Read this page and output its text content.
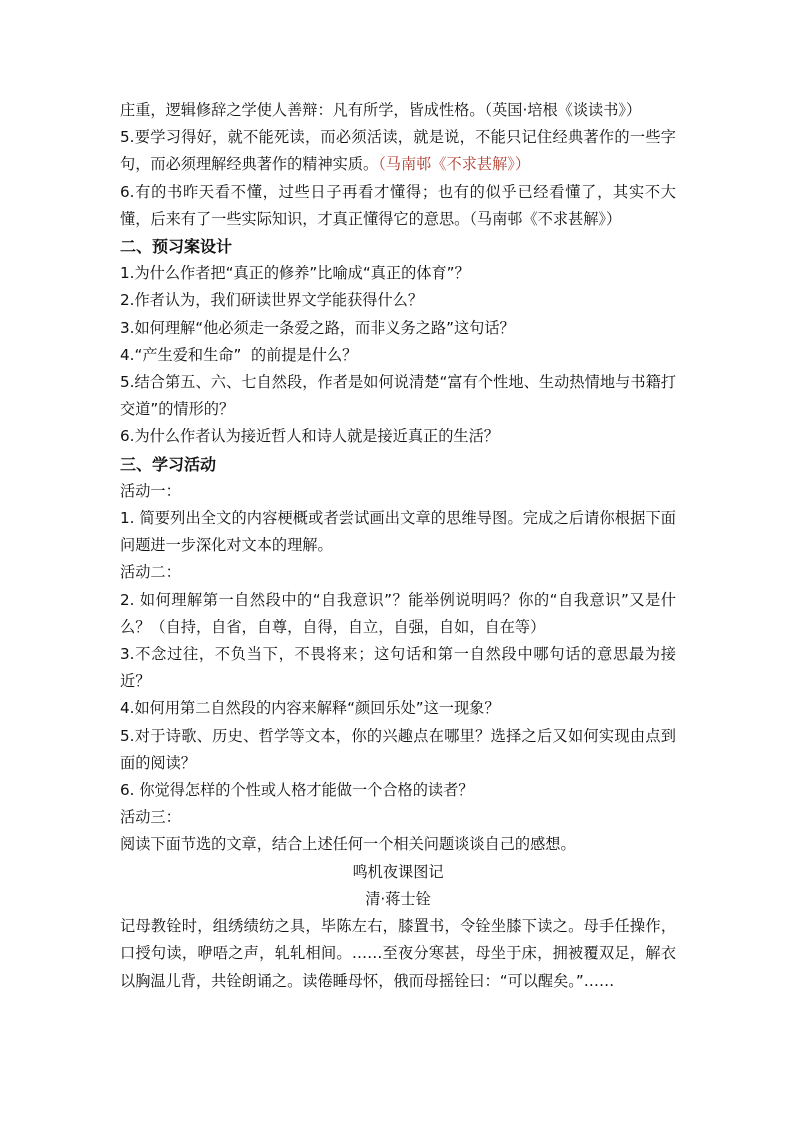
庄重，逻辑修辞之学使人善辩：凡有所学，皆成性格。（英国·培根《谈读书》）

5.要学习得好，就不能死读，而必须活读，就是说，不能只记住经典著作的一些字句，而必须理解经典著作的精神实质。（马南邨《不求甚解》）

6.有的书昨天看不懂，过些日子再看才懂得；也有的似乎已经看懂了，其实不大懂，后来有了一些实际知识，才真正懂得它的意思。（马南邨《不求甚解》）

二、预习案设计

1.为什么作者把“真正的修养”比喻成“真正的体育”？

2.作者认为，我们研读世界文学能获得什么？

3.如何理解“他必须走一条爱之路，而非义务之路”这句话？

4.“产生爱和生命”  的前提是什么？

5.结合第五、六、七自然段，作者是如何说清楚“富有个性地、生动热情地与书籍打交道”的情形的？

6.为什么作者认为接近哲人和诗人就是接近真正的生活？

三、学习活动

活动一：

1. 简要列出全文的内容梗概或者尝试画出文章的思维导图。完成之后请你根据下面问题进一步深化对文本的理解。

活动二：

2. 如何理解第一自然段中的“自我意识”？能举例说明吗？你的“自我意识”又是什么？（自持，自省，自尊，自得，自立，自强，自如，自在等）

3.不念过往，不负当下，不畏将来；这句话和第一自然段中哪句话的意思最为接近？

4.如何用第二自然段的内容来解释“颜回乐处”这一现象？

5.对于诗歌、历史、哲学等文本，你的兴趣点在哪里？选择之后又如何实现由点到面的阅读？

6. 你觉得怎样的个性或人格才能做一个合格的读者？

活动三：

阅读下面节选的文章，结合上述任何一个相关问题谈谈自己的感想。

鸣机夜课图记

清·蒋士铨

记母教铨时，组绣绩纺之具，毕陈左右，膝置书，令铨坐膝下读之。母手任操作，口授句读，咿唔之声，轧轧相间。……至夜分寒甚，母坐于床，拥被覆双足，解衣以胸温儿背，共铨朗诵之。读倦睡母怀，俄而母摇铨曰：“可以醒矣。”……
